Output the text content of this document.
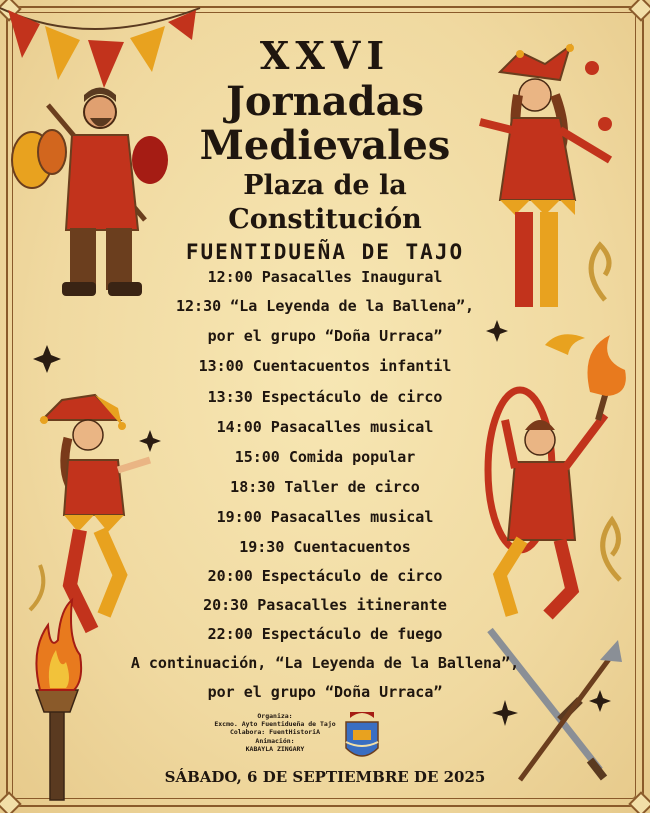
XXVI
Jornadas
Medievales
Plaza de la
Constitución
FUENTIDUEÑA DE TAJO
12:00 Pasacalles Inaugural
12:30 “La Leyenda de la Ballena”,
por el grupo “Doña Urraca”
13:00 Cuentacuentos infantil
13:30 Espectáculo de circo
14:00 Pasacalles musical
15:00 Comida popular
18:30 Taller de circo
19:00 Pasacalles musical
19:30 Cuentacuentos
20:00 Espectáculo de circo
20:30 Pasacalles itinerante
22:00 Espectáculo de fuego
A continuación, “La Leyenda de la Ballena”,
por el grupo “Doña Urraca”
Organiza:
Excmo. Ayto Fuentidueña de Tajo
Colabora: FuentHistoriA
Animación:
KABAYLA ZINGARY
SÁBADO, 6 DE SEPTIEMBRE DE 2025
